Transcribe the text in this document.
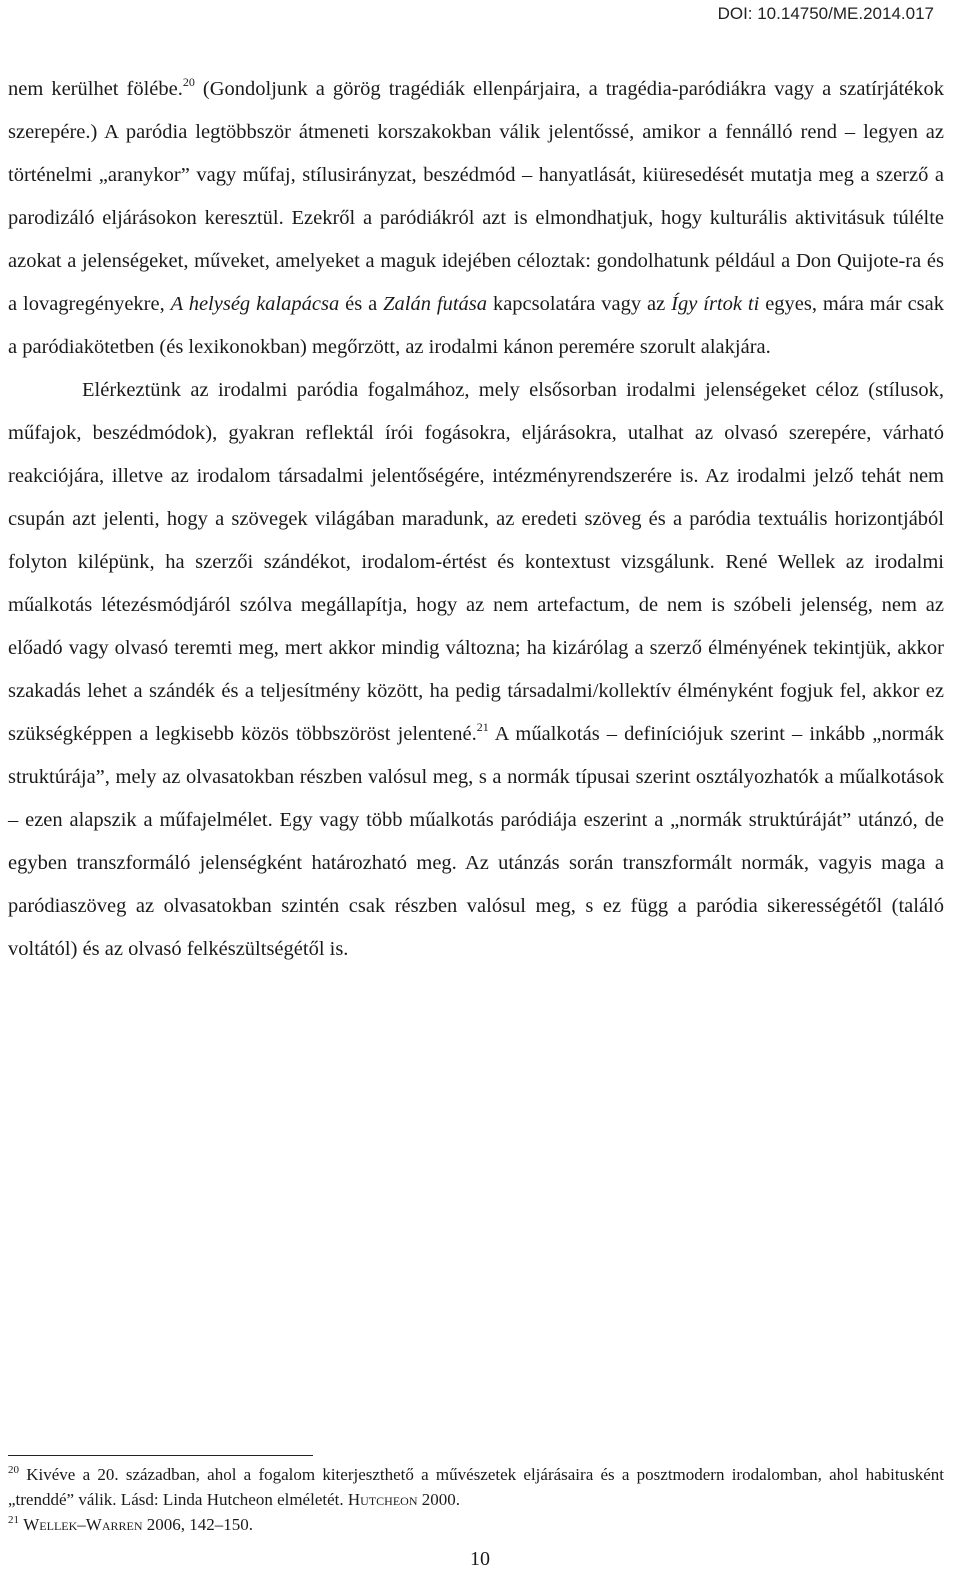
DOI: 10.14750/ME.2014.017

nem kerülhet fölébe.$^{20}$ (Gondoljunk a görög tragédiák ellenpárjaira, a tragédia-paródiákra vagy a szatírjátékok szerepére.) A paródia legtöbbször átmeneti korszakokban válik jelentőssé, amikor a fennálló rend – legyen az történelmi „aranykor” vagy műfaj, stílusirányzat, beszédmód – hanyatlását, kiüresedését mutatja meg a szerző a parodizáló eljárásokon keresztül. Ezekről a paródiákról azt is elmondhatjuk, hogy kulturális aktivitásuk túlélte azokat a jelenségeket, műveket, amelyeket a maguk idejében céloztak: gondolhatunk például a Don Quijote-ra és a lovagregényekre, A helység kalapácsa és a Zalán futása kapcsolatára vagy az Így írtok ti egyes, mára már csak a paródiakötetben (és lexikonokban) megőrzött, az irodalmi kánon peremére szorult alakjára.

Elérkeztünk az irodalmi paródia fogalmához, mely elsősorban irodalmi jelenségeket céloz (stílusok, műfajok, beszédmódok), gyakran reflektál írói fogásokra, eljárásokra, utalhat az olvasó szerepére, várható reakciójára, illetve az irodalom társadalmi jelentőségére, intézményrendszerére is. Az irodalmi jelző tehát nem csupán azt jelenti, hogy a szövegek világában maradunk, az eredeti szöveg és a paródia textuális horizontjából folyton kilépünk, ha szerzői szándékot, irodalom-értést és kontextust vizsgálunk. René Wellek az irodalmi műalkotás létezésmódjáról szólva megállapítja, hogy az nem artefactum, de nem is szóbeli jelenség, nem az előadó vagy olvasó teremti meg, mert akkor mindig változna; ha kizárólag a szerző élményének tekintjük, akkor szakadás lehet a szándék és a teljesítmény között, ha pedig társadalmi/kollektív élményként fogjuk fel, akkor ez szükségképpen a legkisebb közös többszöröst jelentené.$^{21}$ A műalkotás – definíciójuk szerint – inkább „normák struktúrája”, mely az olvasatokban részben valósul meg, s a normák típusai szerint osztályozhatók a műalkotások – ezen alapszik a műfajelmélet. Egy vagy több műalkotás paródiája eszerint a „normák struktúráját” utánzó, de egyben transzformáló jelenségként határozható meg. Az utánzás során transzformált normák, vagyis maga a paródiaszöveg az olvasatokban szintén csak részben valósul meg, s ez függ a paródia sikerességétől (találó voltától) és az olvasó felkészültségétől is.

$^{20}$ Kivéve a 20. században, ahol a fogalom kiterjeszthető a művészetek eljárásaira és a posztmodern irodalomban, ahol habitusként „trenddé” válik. Lásd: Linda Hutcheon elméletét. Hutcheon 2000.

$^{21}$ Wellek–Warren 2006, 142–150.

10
